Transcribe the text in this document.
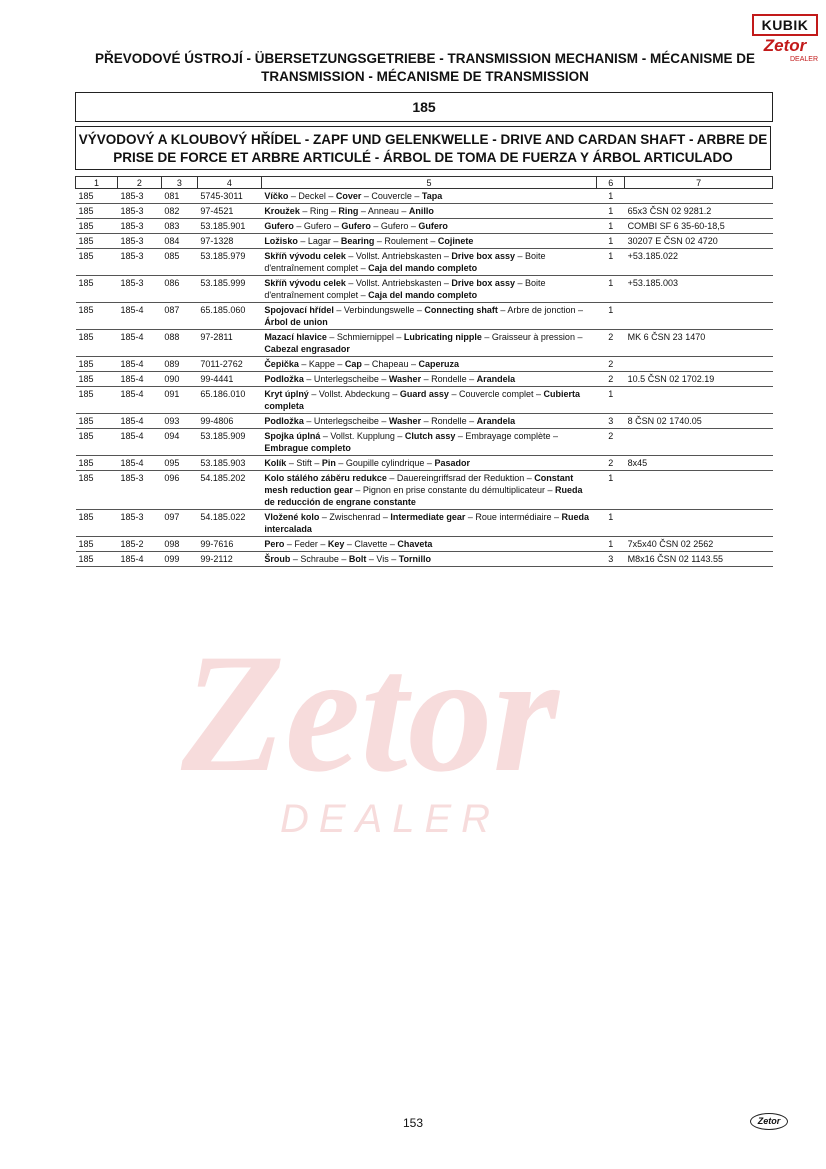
Zetor
DEALER
KUBIK
Zetor
DEALER
PŘEVODOVÉ ÚSTROJÍ - ÜBERSETZUNGSGETRIEBE - TRANSMISSION MECHANISM - MÉCANISME DE TRANSMISSION - MÉCANISME DE TRANSMISSION
185
VÝVODOVÝ A KLOUBOVÝ HŘÍDEL - ZAPF UND GELENKWELLE - DRIVE AND CARDAN SHAFT - ARBRE DE PRISE DE FORCE ET ARBRE ARTICULÉ - ÁRBOL DE TOMA DE FUERZA Y ÁRBOL ARTICULADO
1	2	3	4	5	6	7
185	185-3	081	5745-3011	Víčko – Deckel – Cover – Couvercle – Tapa	1	
185	185-3	082	97-4521	Kroužek – Ring – Ring – Anneau – Anillo	1	65x3 ČSN 02 9281.2
185	185-3	083	53.185.901	Gufero – Gufero – Gufero – Gufero – Gufero	1	COMBI SF 6 35-60-18,5
185	185-3	084	97-1328	Ložisko – Lagar – Bearing – Roulement – Cojinete	1	30207 E ČSN 02 4720
185	185-3	085	53.185.979	Skříň vývodu celek – Vollst. Antriebskasten – Drive box assy – Boite d'entraînement complet – Caja del mando completo	1	+53.185.022
185	185-3	086	53.185.999	Skříň vývodu celek – Vollst. Antriebskasten – Drive box assy – Boite d'entraînement complet – Caja del mando completo	1	+53.185.003
185	185-4	087	65.185.060	Spojovací hřídel – Verbindungswelle – Connecting shaft – Arbre de jonction – Árbol de union	1	
185	185-4	088	97-2811	Mazací hlavice – Schmiernippel – Lubricating nipple – Graisseur à pression – Cabezal engrasador	2	MK 6 ČSN 23 1470
185	185-4	089	7011-2762	Čepička – Kappe – Cap – Chapeau – Caperuza	2	
185	185-4	090	99-4441	Podložka – Unterlegscheibe – Washer – Rondelle – Arandela	2	10.5 ČSN 02 1702.19
185	185-4	091	65.186.010	Kryt úplný – Vollst. Abdeckung – Guard assy – Couvercle complet – Cubierta completa	1	
185	185-4	093	99-4806	Podložka – Unterlegscheibe – Washer – Rondelle – Arandela	3	8 ČSN 02 1740.05
185	185-4	094	53.185.909	Spojka úplná – Vollst. Kupplung – Clutch assy – Embrayage complète – Embrague completo	2	
185	185-4	095	53.185.903	Kolík – Stift – Pin – Goupille cylindrique – Pasador	2	8x45
185	185-3	096	54.185.202	Kolo stálého záběru redukce – Dauereingriffsrad der Reduktion – Constant mesh reduction gear – Pignon en prise constante du démultiplicateur – Rueda de reducción de engrane constante	1	
185	185-3	097	54.185.022	Vložené kolo – Zwischenrad – Intermediate gear – Roue intermédiaire – Rueda intercalada	1	
185	185-2	098	99-7616	Pero – Feder – Key – Clavette – Chaveta	1	7x5x40 ČSN 02 2562
185	185-4	099	99-2112	Šroub – Schraube – Bolt – Vis – Tornillo	3	M8x16 ČSN 02 1143.55
153	Zetor
